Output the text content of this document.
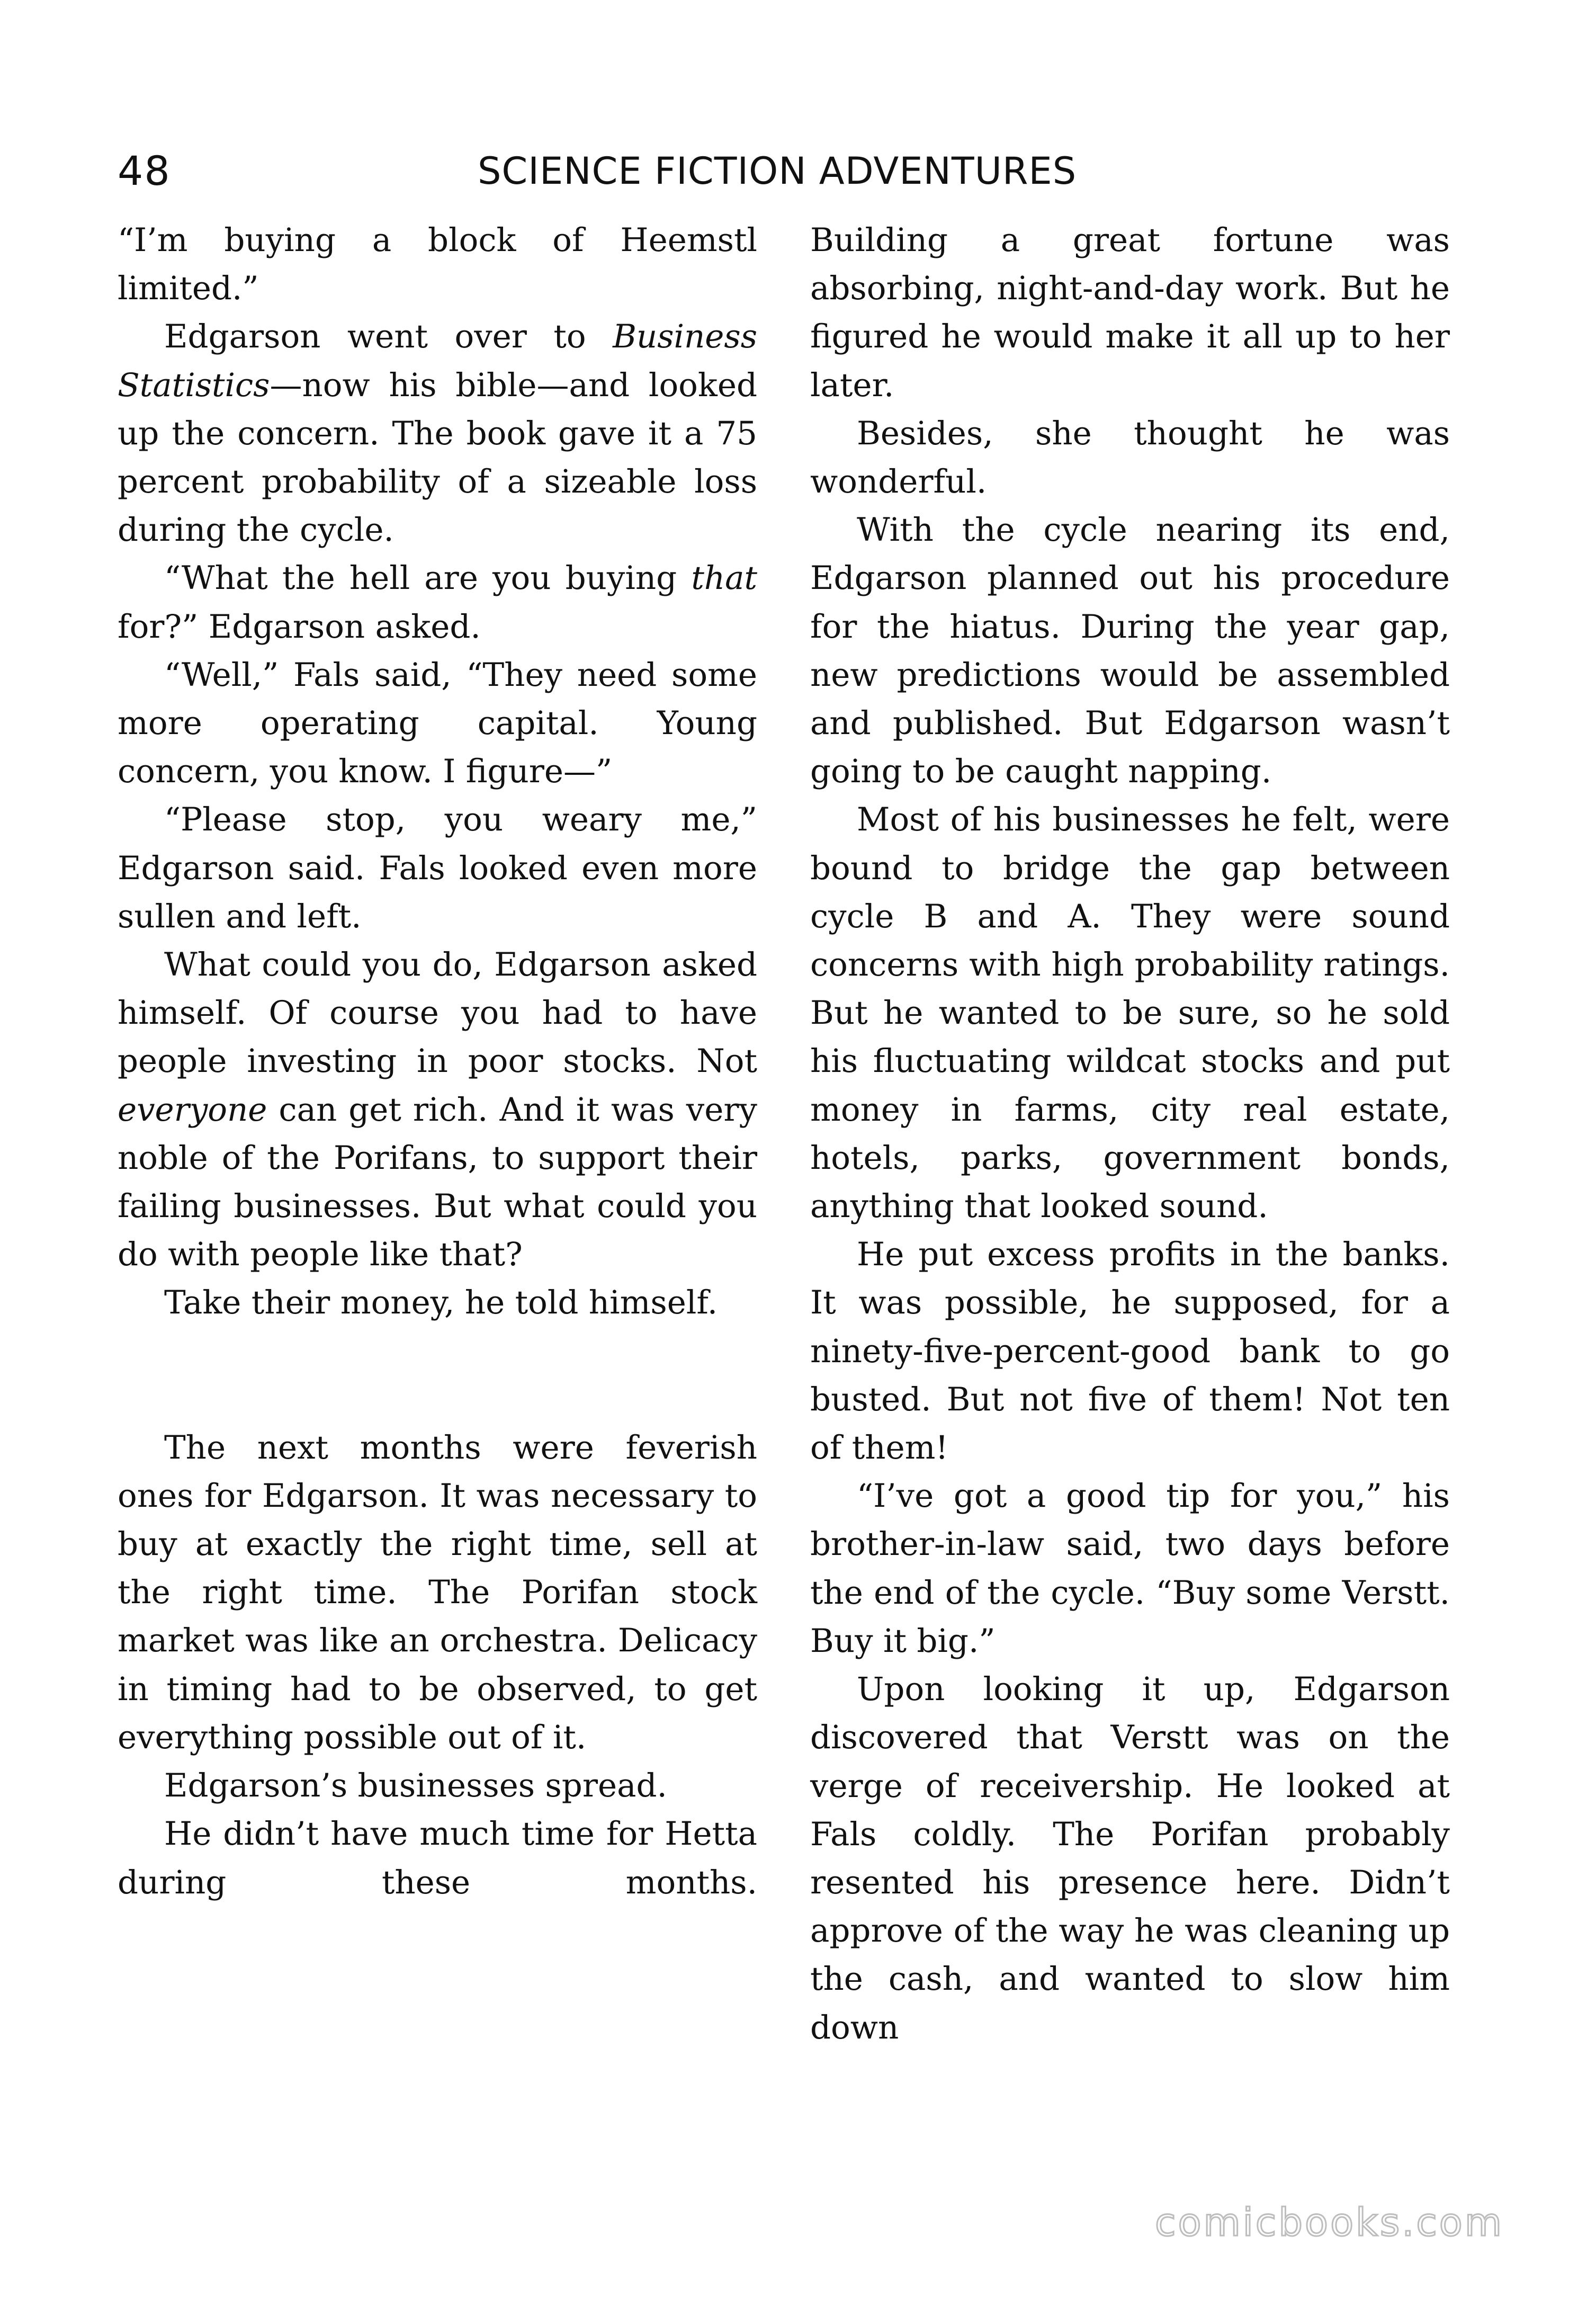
48	SCIENCE FICTION ADVENTURES

“I’m buying a block of Heemstl limited.”

Edgarson went over to Business Statistics—now his bible—and looked up the concern. The book gave it a 75 percent probability of a sizeable loss during the cycle.

“What the hell are you buying that for?” Edgarson asked.

“Well,” Fals said, “They need some more operating capital. Young concern, you know. I figure—”

“Please stop, you weary me,” Edgarson said. Fals looked even more sullen and left.

What could you do, Edgarson asked himself. Of course you had to have people investing in poor stocks. Not everyone can get rich. And it was very noble of the Porifans, to support their failing businesses. But what could you do with people like that?

Take their money, he told himself.

The next months were feverish ones for Edgarson. It was necessary to buy at exactly the right time, sell at the right time. The Porifan stock market was like an orchestra. Delicacy in timing had to be observed, to get everything possible out of it.

Edgarson’s businesses spread.

He didn’t have much time for Hetta during these months.

Building a great fortune was absorbing, night-and-day work. But he figured he would make it all up to her later.

Besides, she thought he was wonderful.

With the cycle nearing its end, Edgarson planned out his procedure for the hiatus. During the year gap, new predictions would be assembled and published. But Edgarson wasn’t going to be caught napping.

Most of his businesses he felt, were bound to bridge the gap between cycle B and A. They were sound concerns with high probability ratings. But he wanted to be sure, so he sold his fluctuating wildcat stocks and put money in farms, city real estate, hotels, parks, government bonds, anything that looked sound.

He put excess profits in the banks. It was possible, he supposed, for a ninety-five-percent-good bank to go busted. But not five of them! Not ten of them!

“I’ve got a good tip for you,” his brother-in-law said, two days before the end of the cycle. “Buy some Verstt. Buy it big.”

Upon looking it up, Edgarson discovered that Verstt was on the verge of receivership. He looked at Fals coldly. The Porifan probably resented his presence here. Didn’t approve of the way he was cleaning up the cash, and wanted to slow him down

comicbooks.com
